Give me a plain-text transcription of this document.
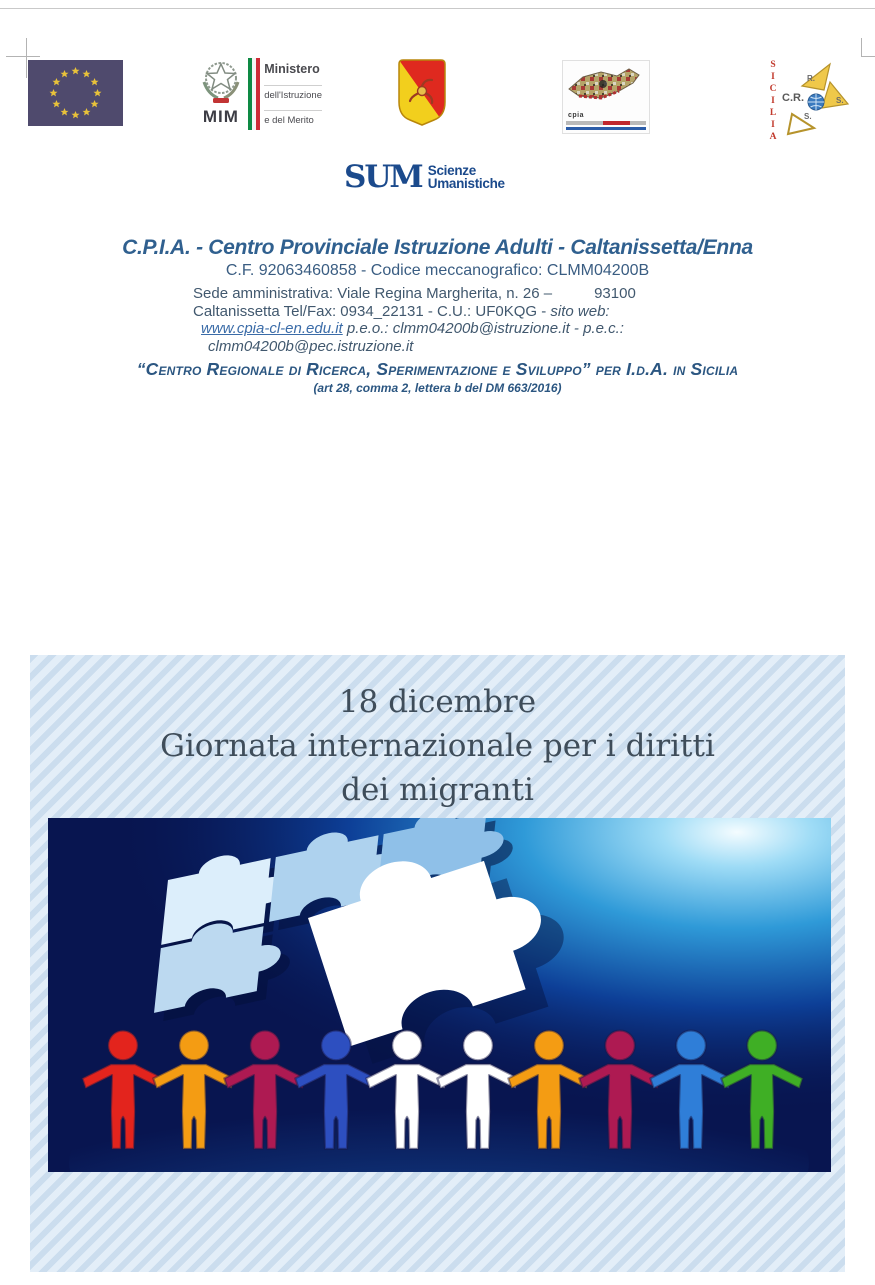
MIM
Ministero
dell'Istruzione
e del Merito	cpia	SICILIA C.R.
R.
S.
S.
SUM Scienze
Umanistiche
C.P.I.A. - Centro Provinciale Istruzione Adulti - Caltanissetta/Enna
C.F. 92063460858 - Codice meccanografico: CLMM04200B
Sede amministrativa: Viale Regina Margherita, n. 26 –	93100
Caltanissetta Tel/Fax: 0934_22131 - C.U.: UF0KQG - sito web:
www.cpia-cl-en.edu.it p.e.o.: clmm04200b@istruzione.it - p.e.c.:
clmm04200b@pec.istruzione.it
“Centro Regionale di Ricerca, Sperimentazione e Sviluppo” per I.d.A. in Sicilia
(art 28, comma 2, lettera b del DM 663/2016)
18 dicembre
Giornata internazionale per i diritti
dei migranti
